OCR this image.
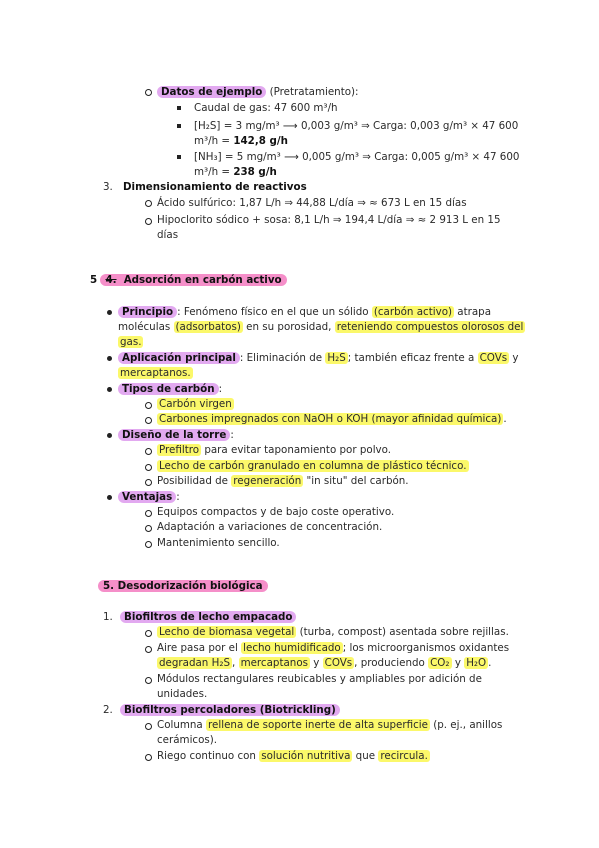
Datos de ejemplo (Pretratamiento):
Caudal de gas: 47 600 m³/h
[H₂S] = 3 mg/m³ ⟶ 0,003 g/m³ ⇒ Carga: 0,003 g/m³ × 47 600
m³/h = 142,8 g/h
[NH₃] = 5 mg/m³ ⟶ 0,005 g/m³ ⇒ Carga: 0,005 g/m³ × 47 600
m³/h = 238 g/h
3. Dimensionamiento de reactivos
Ácido sulfúrico: 1,87 L/h ⇒ 44,88 L/día ⇒ ≈ 673 L en 15 días
Hipoclorito sódico + sosa: 8,1 L/h ⇒ 194,4 L/día ⇒ ≈ 2 913 L en 15
días
5 4. Adsorción en carbón activo
Principio : Fenómeno físico en el que un sólido (carbón activo) atrapa
moléculas (adsorbatos) en su porosidad, reteniendo compuestos olorosos del
gas.
Aplicación principal : Eliminación de H₂S ; también eficaz frente a COVs y
mercaptanos.
Tipos de carbón :
Carbón virgen
Carbones impregnados con NaOH o KOH (mayor afinidad química) .
Diseño de la torre :
Prefiltro para evitar taponamiento por polvo.
Lecho de carbón granulado en columna de plástico técnico.
Posibilidad de regeneración "in situ" del carbón.
Ventajas :
Equipos compactos y de bajo coste operativo.
Adaptación a variaciones de concentración.
Mantenimiento sencillo.
5. Desodorización biológica
1.	Biofiltros de lecho empacado
Lecho de biomasa vegetal (turba, compost) asentada sobre rejillas.
Aire pasa por el lecho humidificado ; los microorganismos oxidantes
degradan H₂S , mercaptanos y COVs , produciendo CO₂ y H₂O .
Módulos rectangulares reubicables y ampliables por adición de
unidades.
2.	Biofiltros percoladores (Biotrickling)
Columna rellena de soporte inerte de alta superficie (p. ej., anillos
cerámicos).
Riego continuo con solución nutritiva que recircula.
